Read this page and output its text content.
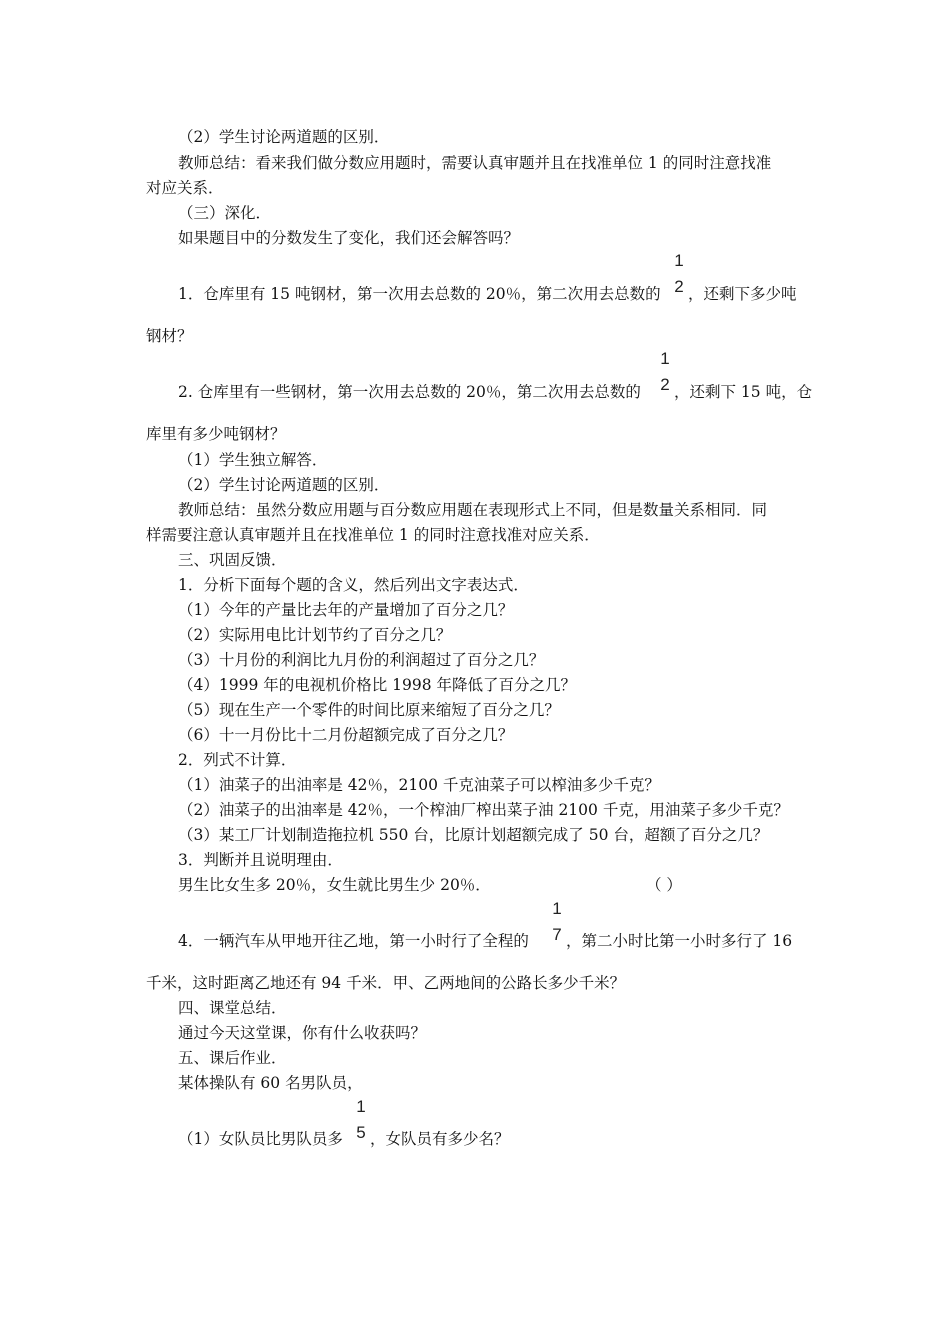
（2）学生讨论两道题的区别．
教师总结：看来我们做分数应用题时，需要认真审题并且在找准单位 1 的同时注意找准
对应关系．
（三）深化．
如果题目中的分数发生了变化，我们还会解答吗？
1
2
1．仓库里有 15 吨钢材，第一次用去总数的 20％，第二次用去总数的 ，还剩下多少吨
钢材？
1
2
2. 仓库里有一些钢材，第一次用去总数的 20％，第二次用去总数的 ，还剩下 15 吨，仓
库里有多少吨钢材？
（1）学生独立解答．
（2）学生讨论两道题的区别．
教师总结：虽然分数应用题与百分数应用题在表现形式上不同，但是数量关系相同．同
样需要注意认真审题并且在找准单位 1 的同时注意找准对应关系．
三、巩固反馈．
1．分析下面每个题的含义，然后列出文字表达式．
（1）今年的产量比去年的产量增加了百分之几？
（2）实际用电比计划节约了百分之几？
（3）十月份的利润比九月份的利润超过了百分之几？
（4）1999 年的电视机价格比 1998 年降低了百分之几？
（5）现在生产一个零件的时间比原来缩短了百分之几？
（6）十一月份比十二月份超额完成了百分之几？
2．列式不计算．
（1）油菜子的出油率是 42％，2100 千克油菜子可以榨油多少千克？
（2）油菜子的出油率是 42％，一个榨油厂榨出菜子油 2100 千克，用油菜子多少千克？
（3）某工厂计划制造拖拉机 550 台，比原计划超额完成了 50 台，超额了百分之几？
3．判断并且说明理由．
男生比女生多 20％，女生就比男生少 20％．	（ ）
1
7
4．一辆汽车从甲地开往乙地，第一小时行了全程的 ，第二小时比第一小时多行了 16
千米，这时距离乙地还有 94 千米．甲、乙两地间的公路长多少千米？
四、课堂总结．
通过今天这堂课，你有什么收获吗？
五、课后作业．
某体操队有 60 名男队员，
1
5
（1）女队员比男队员多 ，女队员有多少名？
